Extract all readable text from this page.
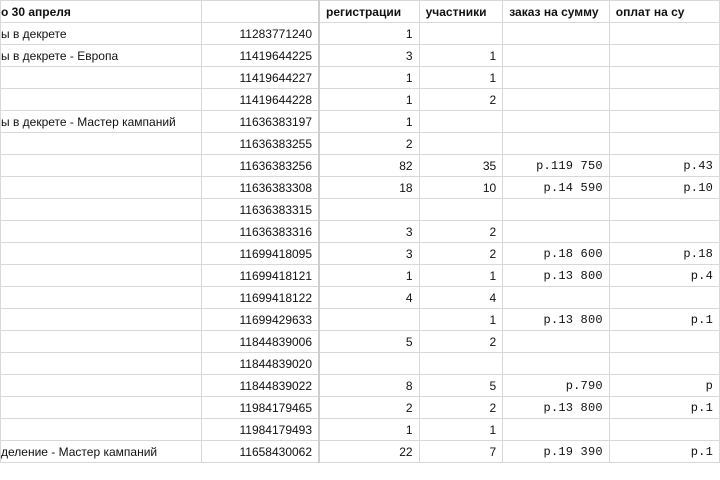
о 30 апреля		регистрации	участники	заказ на сумму	оплат на су
ы в декрете	11283771240	1			
ы в декрете - Европа	11419644225	3	1		
	11419644227	1	1		
	11419644228	1	2		
ы в декрете - Мастер кампаний	11636383197	1			
	11636383255	2			
	11636383256	82	35	р.119 750	р.43
	11636383308	18	10	р.14 590	р.10
	11636383315				
	11636383316	3	2		
	11699418095	3	2	р.18 600	р.18
	11699418121	1	1	р.13 800	р.4
	11699418122	4	4		
	11699429633		1	р.13 800	р.1
	11844839006	5	2		
	11844839020				
	11844839022	8	5	р.790	р
	11984179465	2	2	р.13 800	р.1
	11984179493	1	1		
деление - Мастер кампаний	11658430062	22	7	р.19 390	р.1
